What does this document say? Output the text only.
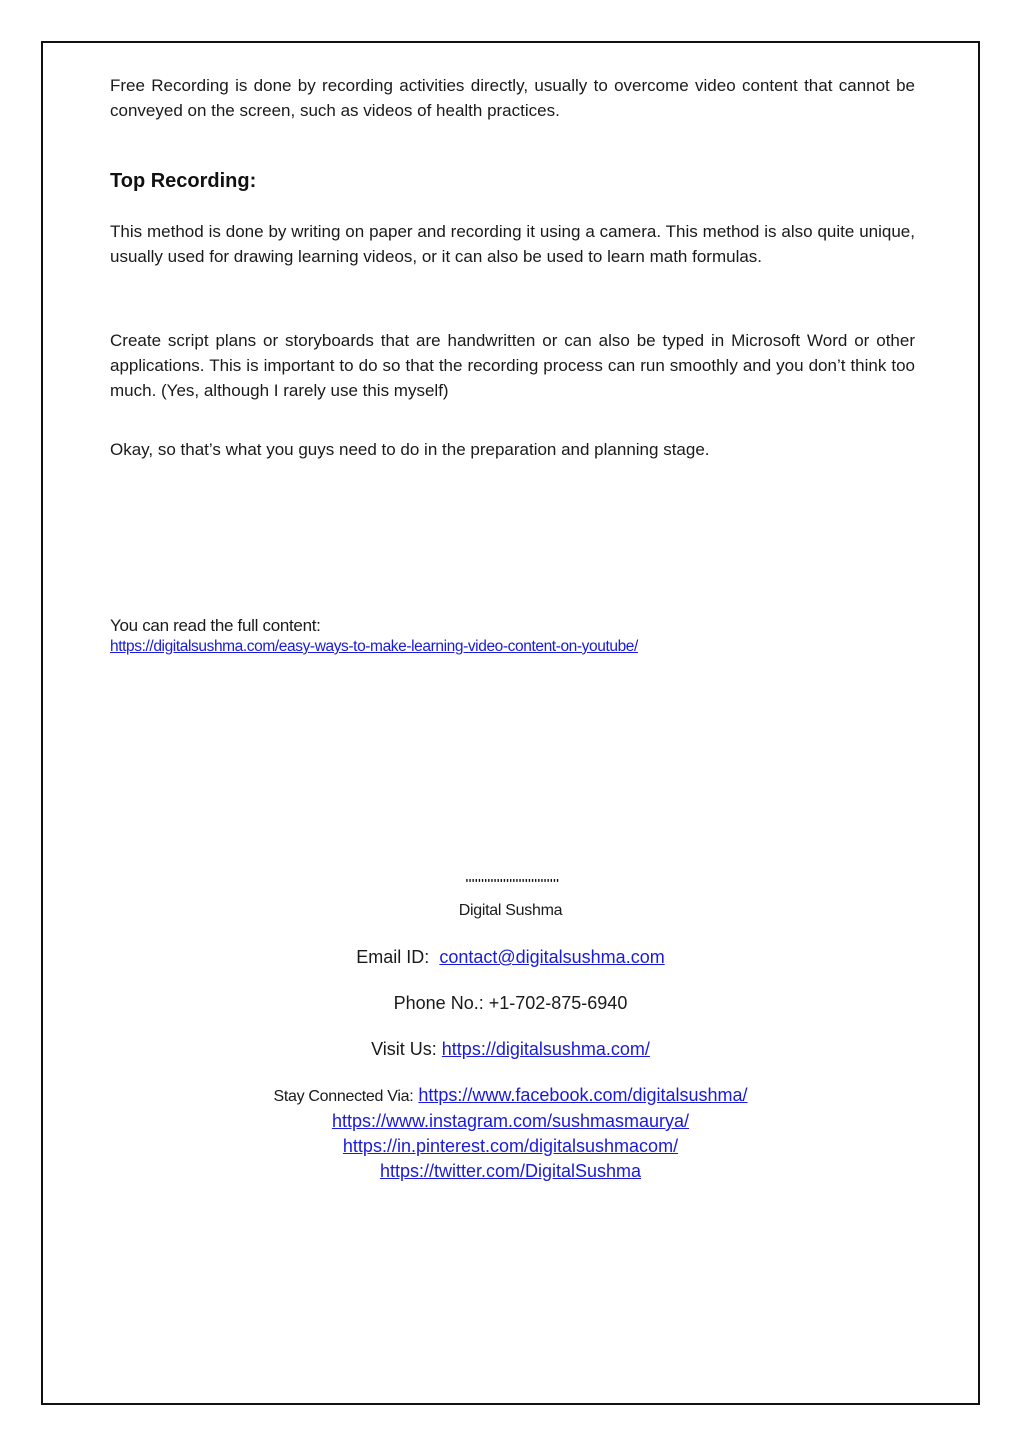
Free Recording is done by recording activities directly, usually to overcome video content that cannot be conveyed on the screen, such as videos of health practices.

Top Recording:

This method is done by writing on paper and recording it using a camera. This method is also quite unique, usually used for drawing learning videos, or it can also be used to learn math formulas.

Create script plans or storyboards that are handwritten or can also be typed in Microsoft Word or other applications. This is important to do so that the recording process can run smoothly and you don’t think too much. (Yes, although I rarely use this myself)

Okay, so that’s what you guys need to do in the preparation and planning stage.

You can read the full content:

https://digitalsushma.com/easy-ways-to-make-learning-video-content-on-youtube/
''''''''''''''''''''''''''''''
Digital Sushma
Email ID: contact@digitalsushma.com
Phone No.: +1-702-875-6940
Visit Us: https://digitalsushma.com/
Stay Connected Via: https://www.facebook.com/digitalsushma/
https://www.instagram.com/sushmasmaurya/
https://in.pinterest.com/digitalsushmacom/
https://twitter.com/DigitalSushma
